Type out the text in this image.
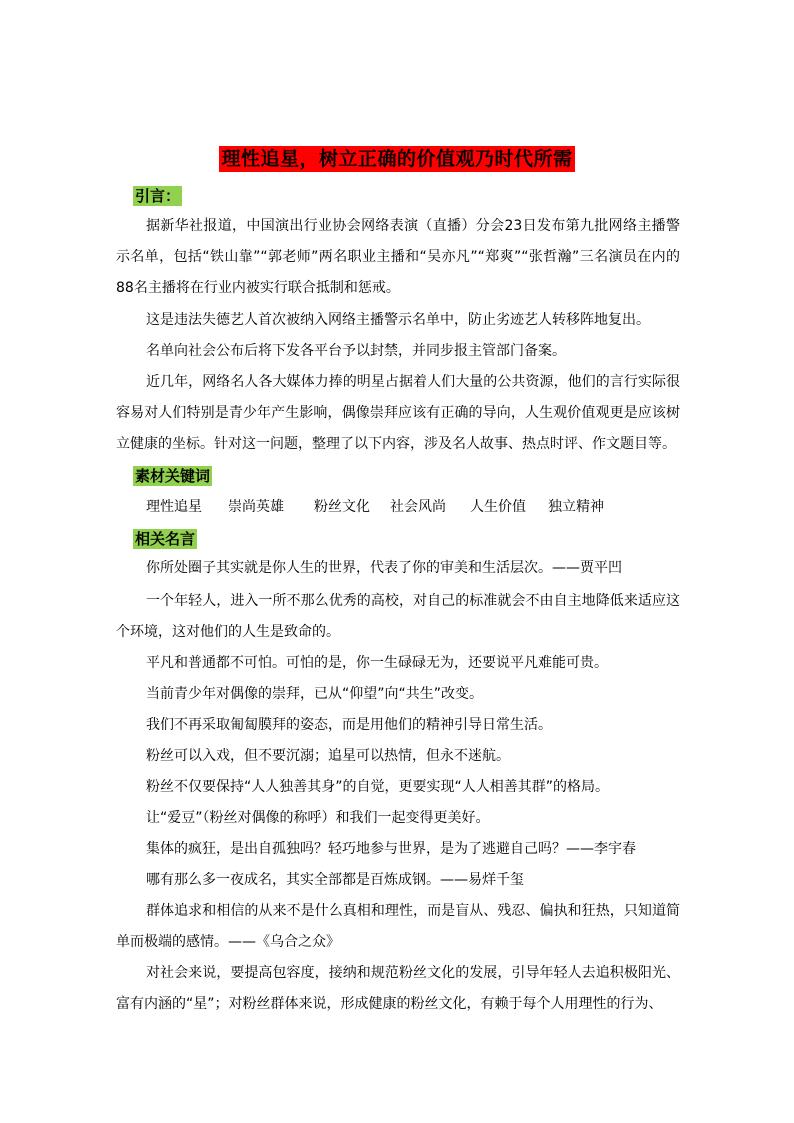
理性追星，树立正确的价值观乃时代所需
引言：

据新华社报道，中国演出行业协会网络表演（直播）分会23日发布第九批网络主播警示名单，包括“铁山靠”“郭老师”两名职业主播和“吴亦凡”“郑爽”“张哲瀚”三名演员在内的88名主播将在行业内被实行联合抵制和惩戒。

这是违法失德艺人首次被纳入网络主播警示名单中，防止劣迹艺人转移阵地复出。

名单向社会公布后将下发各平台予以封禁，并同步报主管部门备案。

近几年，网络名人各大媒体力捧的明星占据着人们大量的公共资源，他们的言行实际很容易对人们特别是青少年产生影响，偶像崇拜应该有正确的导向，人生观价值观更是应该树立健康的坐标。针对这一问题，整理了以下内容，涉及名人故事、热点时评、作文题目等。

素材关键词
理性追星 崇尚英雄 粉丝文化 社会风尚 人生价值 独立精神
相关名言

你所处圈子其实就是你人生的世界，代表了你的审美和生活层次。——贾平凹

一个年轻人，进入一所不那么优秀的高校，对自己的标准就会不由自主地降低来适应这个环境，这对他们的人生是致命的。

平凡和普通都不可怕。可怕的是，你一生碌碌无为，还要说平凡难能可贵。

当前青少年对偶像的崇拜，已从“仰望”向“共生”改变。

我们不再采取匍匐膜拜的姿态，而是用他们的精神引导日常生活。

粉丝可以入戏，但不要沉溺；追星可以热情，但永不迷航。

粉丝不仅要保持“人人独善其身”的自觉，更要实现“人人相善其群”的格局。

让“爱豆”（粉丝对偶像的称呼）和我们一起变得更美好。

集体的疯狂，是出自孤独吗？轻巧地参与世界，是为了逃避自己吗？——李宇春

哪有那么多一夜成名，其实全部都是百炼成钢。——易烊千玺

群体追求和相信的从来不是什么真相和理性，而是盲从、残忍、偏执和狂热，只知道简单而极端的感情。——《乌合之众》

对社会来说，要提高包容度，接纳和规范粉丝文化的发展，引导年轻人去追积极阳光、富有内涵的“星”；对粉丝群体来说，形成健康的粉丝文化，有赖于每个人用理性的行为、
